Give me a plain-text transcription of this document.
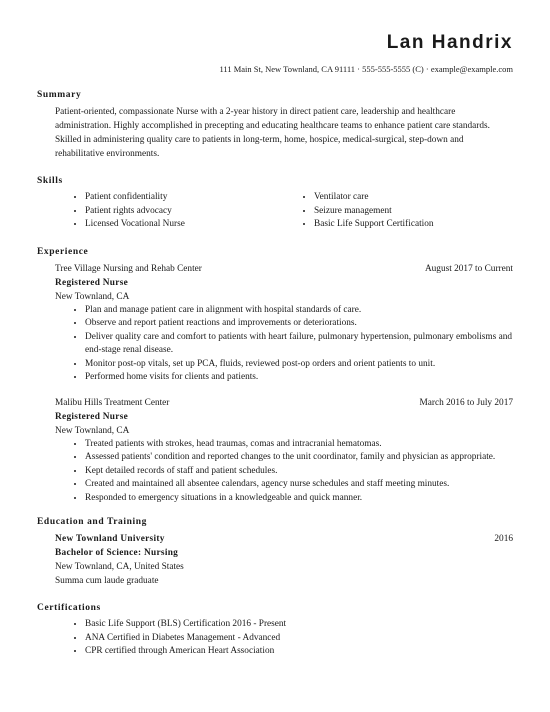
Lan Handrix
111 Main St, New Townland, CA 91111 · 555-555-5555 (C) · example@example.com
Summary

Patient-oriented, compassionate Nurse with a 2-year history in direct patient care, leadership and healthcare administration. Highly accomplished in precepting and educating healthcare teams to enhance patient care standards. Skilled in administering quality care to patients in long-term, home, hospice, medical-surgical, step-down and rehabilitative environments.

Skills
• Patient confidentiality
• Patient rights advocacy
• Licensed Vocational Nurse
• Ventilator care
• Seizure management
• Basic Life Support Certification
Experience
Tree Village Nursing and Rehab Center	August 2017 to Current
Registered Nurse
New Townland, CA
• Plan and manage patient care in alignment with hospital standards of care.
• Observe and report patient reactions and improvements or deteriorations.
• Deliver quality care and comfort to patients with heart failure, pulmonary hypertension, pulmonary embolisms and end-stage renal disease.
• Monitor post-op vitals, set up PCA, fluids, reviewed post-op orders and orient patients to unit.
• Performed home visits for clients and patients.
Malibu Hills Treatment Center	March 2016 to July 2017
Registered Nurse
New Townland, CA
• Treated patients with strokes, head traumas, comas and intracranial hematomas.
• Assessed patients' condition and reported changes to the unit coordinator, family and physician as appropriate.
• Kept detailed records of staff and patient schedules.
• Created and maintained all absentee calendars, agency nurse schedules and staff meeting minutes.
• Responded to emergency situations in a knowledgeable and quick manner.
Education and Training
New Townland University	2016
Bachelor of Science: Nursing
New Townland, CA, United States
Summa cum laude graduate
Certifications
• Basic Life Support (BLS) Certification 2016 - Present
• ANA Certified in Diabetes Management - Advanced
• CPR certified through American Heart Association
